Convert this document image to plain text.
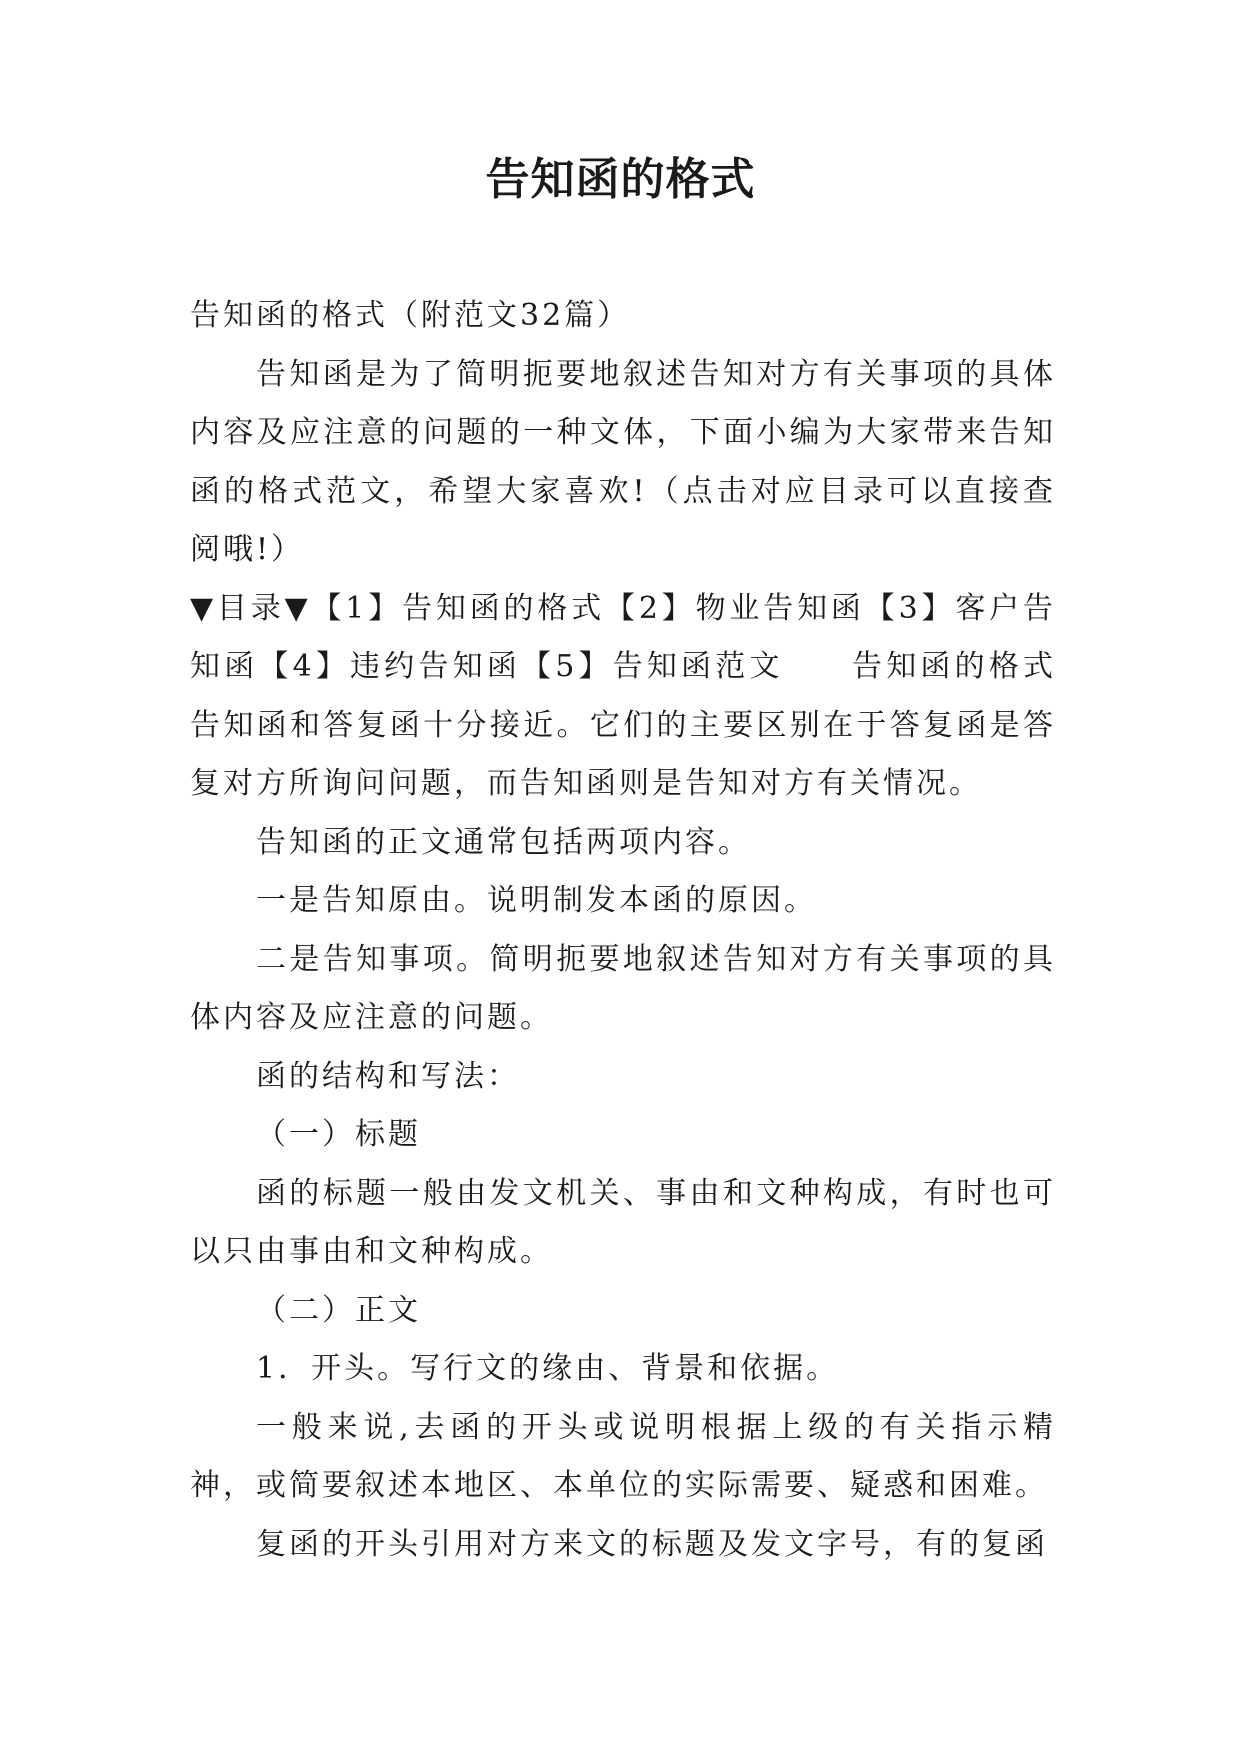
告知函的格式

告知函的格式（附范文32篇）

告知函是为了简明扼要地叙述告知对方有关事项的具体内容及应注意的问题的一种文体，下面小编为大家带来告知函的格式范文，希望大家喜欢!（点击对应目录可以直接查阅哦!）

▼目录▼【1】告知函的格式【2】物业告知函【3】客户告知函【4】违约告知函【5】告知函范文　　告知函的格式告知函和答复函十分接近。它们的主要区别在于答复函是答复对方所询问问题，而告知函则是告知对方有关情况。

告知函的正文通常包括两项内容。

一是告知原由。说明制发本函的原因。

二是告知事项。简明扼要地叙述告知对方有关事项的具体内容及应注意的问题。

函的结构和写法：

（一）标题

函的标题一般由发文机关、事由和文种构成，有时也可以只由事由和文种构成。

（二）正文

1．开头。写行文的缘由、背景和依据。

一般来说,去函的开头或说明根据上级的有关指示精神，或简要叙述本地区、本单位的实际需要、疑惑和困难。

复函的开头引用对方来文的标题及发文字号，有的复函
